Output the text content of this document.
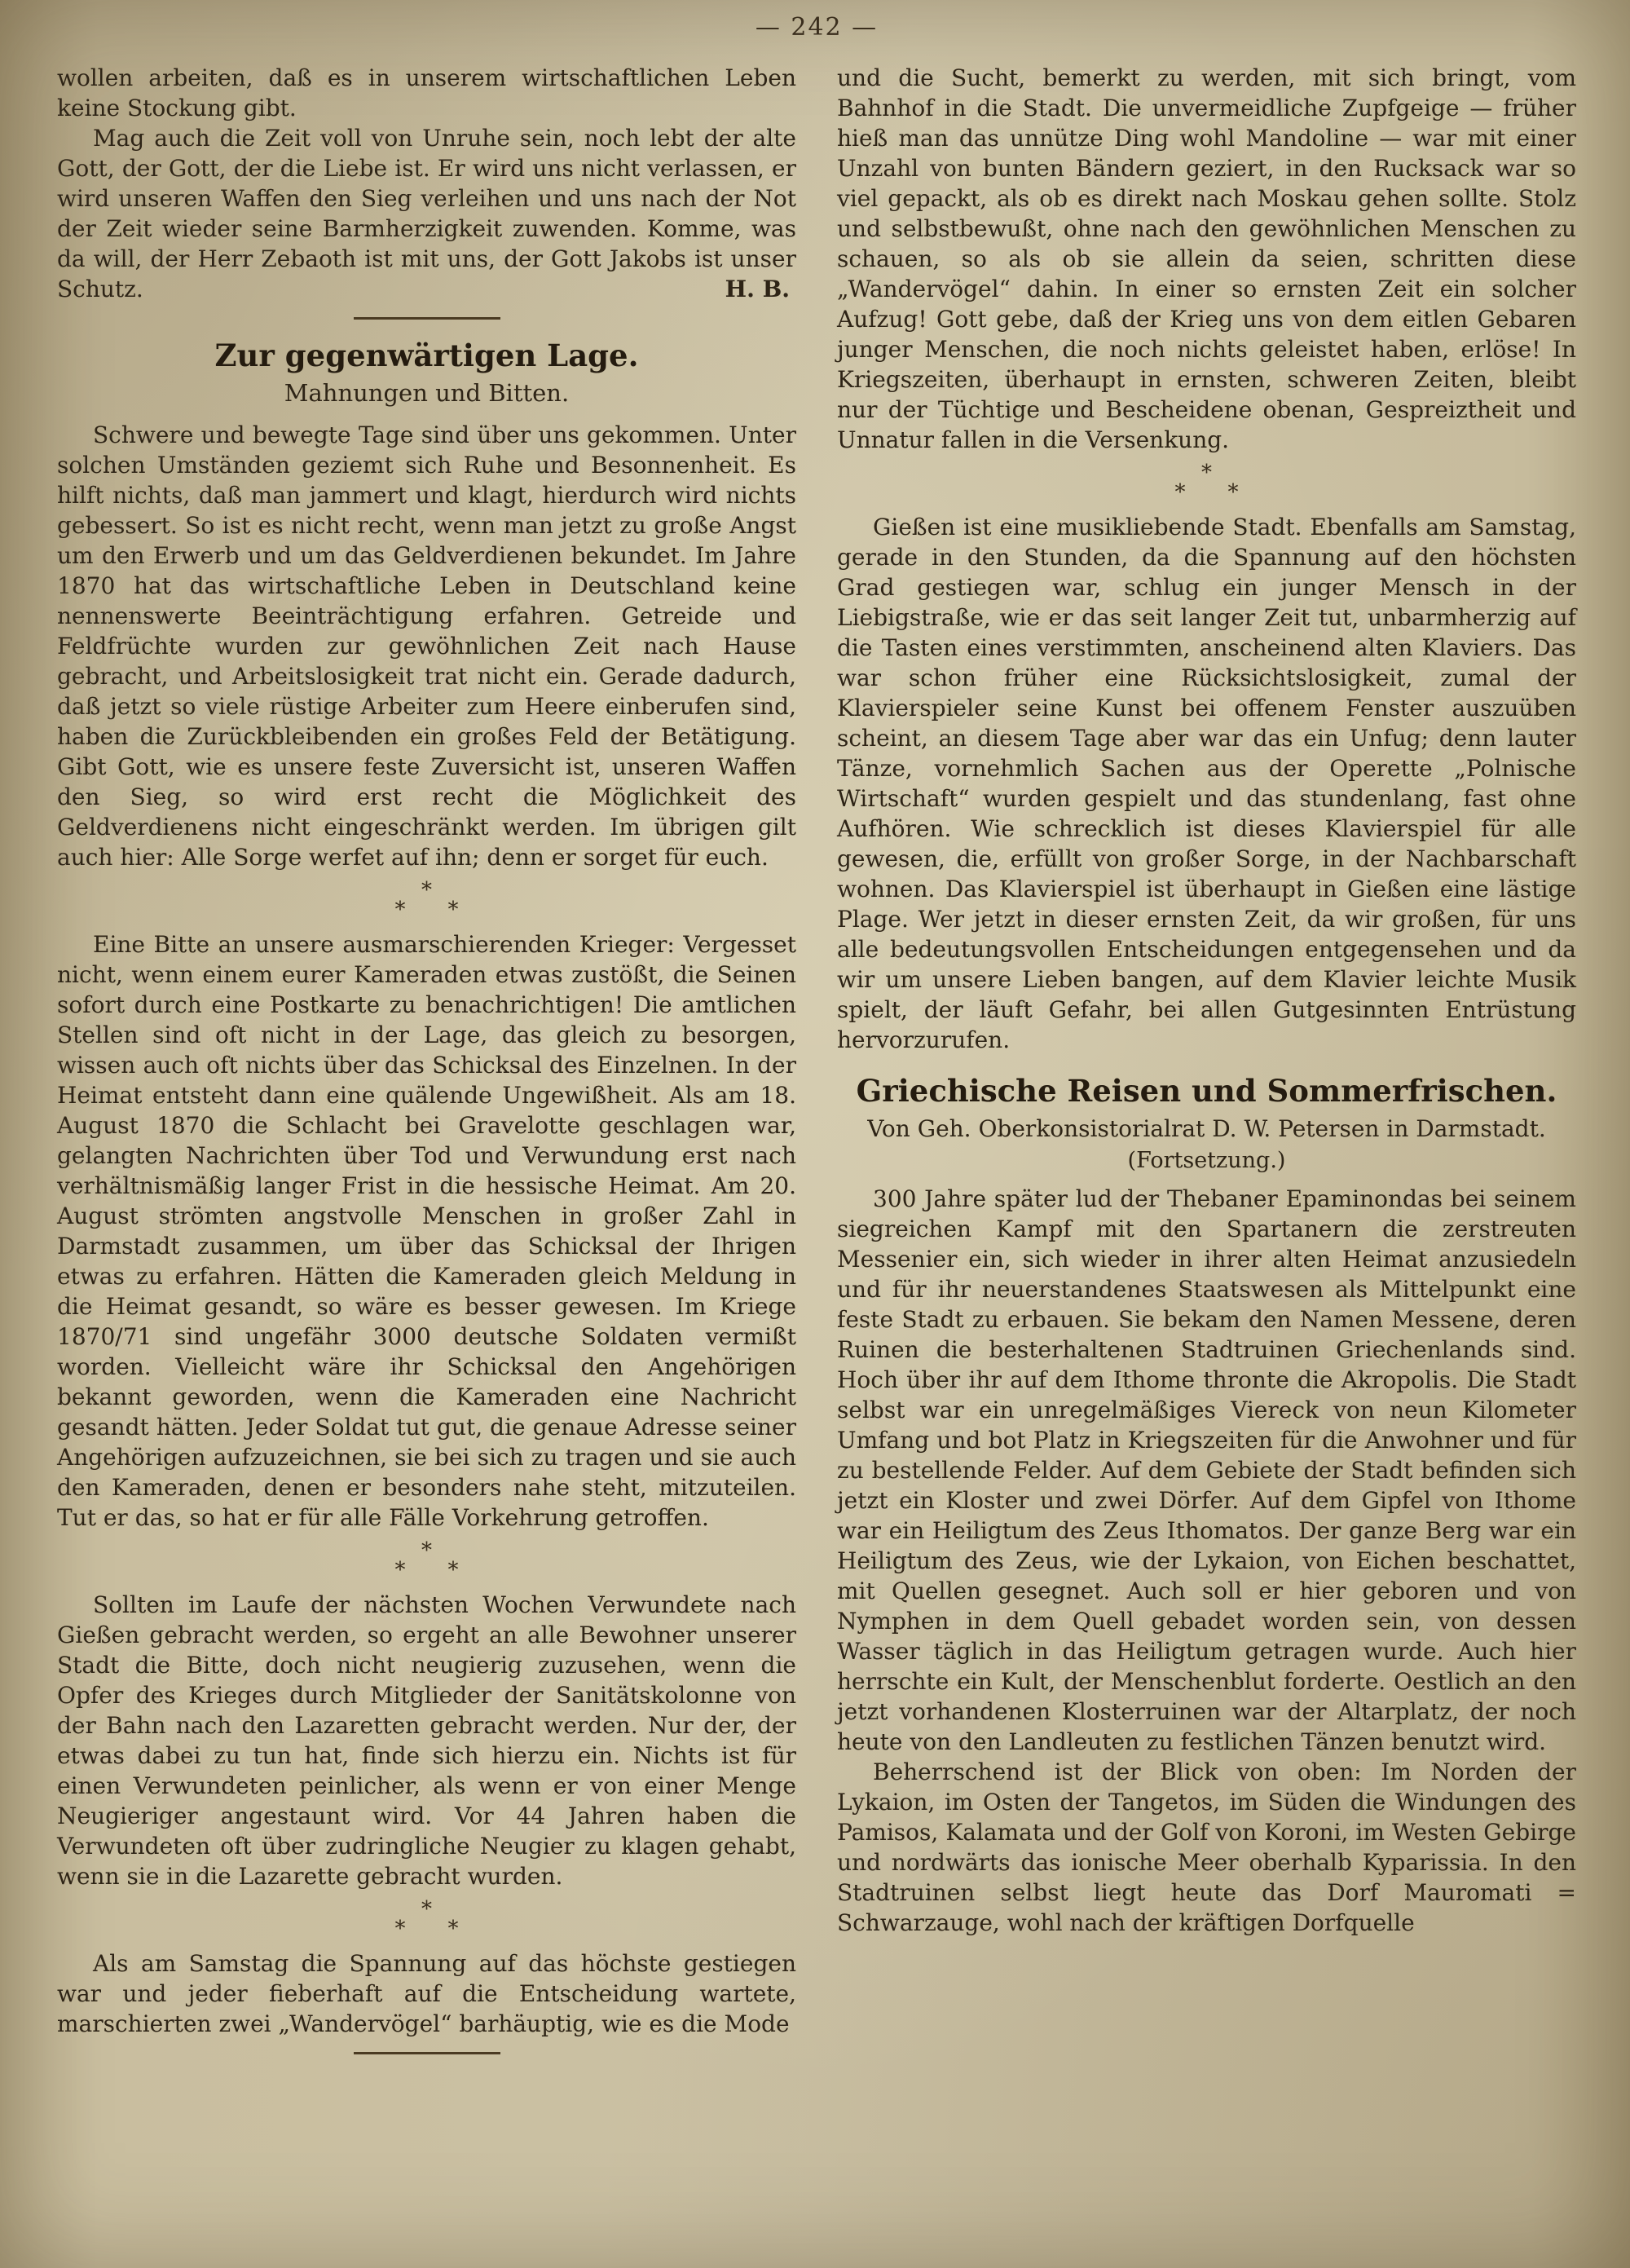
— 242 —

wollen arbeiten, daß es in unserem wirtschaftlichen Leben keine Stockung gibt.

Mag auch die Zeit voll von Unruhe sein, noch lebt der alte Gott, der Gott, der die Liebe ist. Er wird uns nicht verlassen, er wird unseren Waffen den Sieg verleihen und uns nach der Not der Zeit wieder seine Barmherzigkeit zuwenden. Komme, was da will, der Herr Zebaoth ist mit uns, der Gott Jakobs ist unser Schutz.	H. B.

Zur gegenwärtigen Lage.
Mahnungen und Bitten.

Schwere und bewegte Tage sind über uns gekommen. Unter solchen Umständen geziemt sich Ruhe und Besonnenheit. Es hilft nichts, daß man jammert und klagt, hierdurch wird nichts gebessert. So ist es nicht recht, wenn man jetzt zu große Angst um den Erwerb und um das Geldverdienen bekundet. Im Jahre 1870 hat das wirtschaftliche Leben in Deutschland keine nennenswerte Beeinträchtigung erfahren. Getreide und Feldfrüchte wurden zur gewöhnlichen Zeit nach Hause gebracht, und Arbeitslosigkeit trat nicht ein. Gerade dadurch, daß jetzt so viele rüstige Arbeiter zum Heere einberufen sind, haben die Zurückbleibenden ein großes Feld der Betätigung. Gibt Gott, wie es unsere feste Zuversicht ist, unseren Waffen den Sieg, so wird erst recht die Möglichkeit des Geldverdienens nicht eingeschränkt werden. Im übrigen gilt auch hier: Alle Sorge werfet auf ihn; denn er sorget für euch.

*
*　　*

Eine Bitte an unsere ausmarschierenden Krieger: Vergesset nicht, wenn einem eurer Kameraden etwas zustößt, die Seinen sofort durch eine Postkarte zu benachrichtigen! Die amtlichen Stellen sind oft nicht in der Lage, das gleich zu besorgen, wissen auch oft nichts über das Schicksal des Einzelnen. In der Heimat entsteht dann eine quälende Ungewißheit. Als am 18. August 1870 die Schlacht bei Gravelotte geschlagen war, gelangten Nachrichten über Tod und Verwundung erst nach verhältnismäßig langer Frist in die hessische Heimat. Am 20. August strömten angstvolle Menschen in großer Zahl in Darmstadt zusammen, um über das Schicksal der Ihrigen etwas zu erfahren. Hätten die Kameraden gleich Meldung in die Heimat gesandt, so wäre es besser gewesen. Im Kriege 1870/71 sind ungefähr 3000 deutsche Soldaten vermißt worden. Vielleicht wäre ihr Schicksal den Angehörigen bekannt geworden, wenn die Kameraden eine Nachricht gesandt hätten. Jeder Soldat tut gut, die genaue Adresse seiner Angehörigen aufzuzeichnen, sie bei sich zu tragen und sie auch den Kameraden, denen er besonders nahe steht, mitzuteilen. Tut er das, so hat er für alle Fälle Vorkehrung getroffen.

*
*　　*

Sollten im Laufe der nächsten Wochen Verwundete nach Gießen gebracht werden, so ergeht an alle Bewohner unserer Stadt die Bitte, doch nicht neugierig zuzusehen, wenn die Opfer des Krieges durch Mitglieder der Sanitätskolonne von der Bahn nach den Lazaretten gebracht werden. Nur der, der etwas dabei zu tun hat, finde sich hierzu ein. Nichts ist für einen Verwundeten peinlicher, als wenn er von einer Menge Neugieriger angestaunt wird. Vor 44 Jahren haben die Verwundeten oft über zudringliche Neugier zu klagen gehabt, wenn sie in die Lazarette gebracht wurden.

*
*　　*

Als am Samstag die Spannung auf das höchste gestiegen war und jeder fieberhaft auf die Entscheidung wartete, marschierten zwei „Wandervögel“ barhäuptig, wie es die Mode

und die Sucht, bemerkt zu werden, mit sich bringt, vom Bahnhof in die Stadt. Die unvermeidliche Zupfgeige — früher hieß man das unnütze Ding wohl Mandoline — war mit einer Unzahl von bunten Bändern geziert, in den Rucksack war so viel gepackt, als ob es direkt nach Moskau gehen sollte. Stolz und selbstbewußt, ohne nach den gewöhnlichen Menschen zu schauen, so als ob sie allein da seien, schritten diese „Wandervögel“ dahin. In einer so ernsten Zeit ein solcher Aufzug! Gott gebe, daß der Krieg uns von dem eitlen Gebaren junger Menschen, die noch nichts geleistet haben, erlöse! In Kriegszeiten, überhaupt in ernsten, schweren Zeiten, bleibt nur der Tüchtige und Bescheidene obenan, Gespreiztheit und Unnatur fallen in die Versenkung.

*
*　　*

Gießen ist eine musikliebende Stadt. Ebenfalls am Samstag, gerade in den Stunden, da die Spannung auf den höchsten Grad gestiegen war, schlug ein junger Mensch in der Liebigstraße, wie er das seit langer Zeit tut, unbarmherzig auf die Tasten eines verstimmten, anscheinend alten Klaviers. Das war schon früher eine Rücksichtslosigkeit, zumal der Klavierspieler seine Kunst bei offenem Fenster auszuüben scheint, an diesem Tage aber war das ein Unfug; denn lauter Tänze, vornehmlich Sachen aus der Operette „Polnische Wirtschaft“ wurden gespielt und das stundenlang, fast ohne Aufhören. Wie schrecklich ist dieses Klavierspiel für alle gewesen, die, erfüllt von großer Sorge, in der Nachbarschaft wohnen. Das Klavierspiel ist überhaupt in Gießen eine lästige Plage. Wer jetzt in dieser ernsten Zeit, da wir großen, für uns alle bedeutungsvollen Entscheidungen entgegensehen und da wir um unsere Lieben bangen, auf dem Klavier leichte Musik spielt, der läuft Gefahr, bei allen Gutgesinnten Entrüstung hervorzurufen.

Griechische Reisen und Sommerfrischen.
Von Geh. Oberkonsistorialrat D. W. Petersen in Darmstadt.
(Fortsetzung.)

300 Jahre später lud der Thebaner Epaminondas bei seinem siegreichen Kampf mit den Spartanern die zerstreuten Messenier ein, sich wieder in ihrer alten Heimat anzusiedeln und für ihr neuerstandenes Staatswesen als Mittelpunkt eine feste Stadt zu erbauen. Sie bekam den Namen Messene, deren Ruinen die besterhaltenen Stadtruinen Griechenlands sind. Hoch über ihr auf dem Ithome thronte die Akropolis. Die Stadt selbst war ein unregelmäßiges Viereck von neun Kilometer Umfang und bot Platz in Kriegszeiten für die Anwohner und für zu bestellende Felder. Auf dem Gebiete der Stadt befinden sich jetzt ein Kloster und zwei Dörfer. Auf dem Gipfel von Ithome war ein Heiligtum des Zeus Ithomatos. Der ganze Berg war ein Heiligtum des Zeus, wie der Lykaion, von Eichen beschattet, mit Quellen gesegnet. Auch soll er hier geboren und von Nymphen in dem Quell gebadet worden sein, von dessen Wasser täglich in das Heiligtum getragen wurde. Auch hier herrschte ein Kult, der Menschenblut forderte. Oestlich an den jetzt vorhandenen Klosterruinen war der Altarplatz, der noch heute von den Landleuten zu festlichen Tänzen benutzt wird.

Beherrschend ist der Blick von oben: Im Norden der Lykaion, im Osten der Tangetos, im Süden die Windungen des Pamisos, Kalamata und der Golf von Koroni, im Westen Gebirge und nordwärts das ionische Meer oberhalb Kyparissia. In den Stadtruinen selbst liegt heute das Dorf Mauromati = Schwarzauge, wohl nach der kräftigen Dorfquelle
